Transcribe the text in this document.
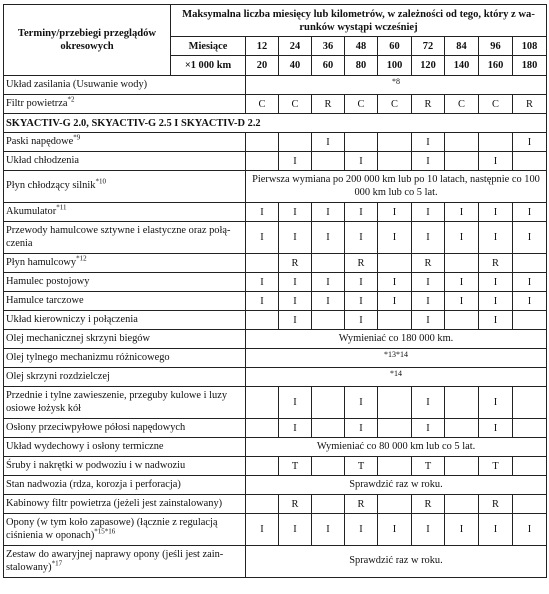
Terminy/przebiegi przeglądów okresowych	Maksymalna liczba miesięcy lub kilometrów, w zależności od tego, który z wa-runków wystąpi wcześniej									
	Miesiące	12	24	36	48	60	72	84	96	108
	×1 000 km	20	40	60	80	100	120	140	160	180
Układ zasilania (Usuwanie wody)		*8								
Filtr powietrza$^{*2}$		C	C	R	C	C	R	C	C	R
SKYACTIV-G 2.0, SKYACTIV-G 2.5 I SKYACTIV-D 2.2										
Paski napędowe$^{*9}$				I			I			I
Układ chłodzenia			I		I		I		I	
Płyn chłodzący silnik$^{*10}$		Pierwsza wymiana po 200 000 km lub po 10 latach, następnie co 100 000 km lub co 5 lat.								
Akumulator$^{*11}$		I	I	I	I	I	I	I	I	I
Przewody hamulcowe sztywne i elastyczne oraz połą-czenia		I	I	I	I	I	I	I	I	I
Płyn hamulcowy$^{*12}$			R		R		R		R	
Hamulec postojowy		I	I	I	I	I	I	I	I	I
Hamulce tarczowe		I	I	I	I	I	I	I	I	I
Układ kierowniczy i połączenia			I		I		I		I	
Olej mechanicznej skrzyni biegów		Wymieniać co 180 000 km.								
Olej tylnego mechanizmu różnicowego		*13*14								
Olej skrzyni rozdzielczej		*14								
Przednie i tylne zawieszenie, przeguby kulowe i luzy osiowe łożysk kół			I		I		I		I	
Osłony przeciwpyłowe półosi napędowych			I		I		I		I	
Układ wydechowy i osłony termiczne		Wymieniać co 80 000 km lub co 5 lat.								
Śruby i nakrętki w podwoziu i w nadwoziu			T		T		T		T	
Stan nadwozia (rdza, korozja i perforacja)		Sprawdzić raz w roku.								
Kabinowy filtr powietrza (jeżeli jest zainstalowany)			R		R		R		R	
Opony (w tym koło zapasowe) (łącznie z regulacją ciśnienia w oponach)$^{*15*16}$		I	I	I	I	I	I	I	I	I
Zestaw do awaryjnej naprawy opony (jeśli jest zain-stalowany)$^{*17}$		Sprawdzić raz w roku.								
